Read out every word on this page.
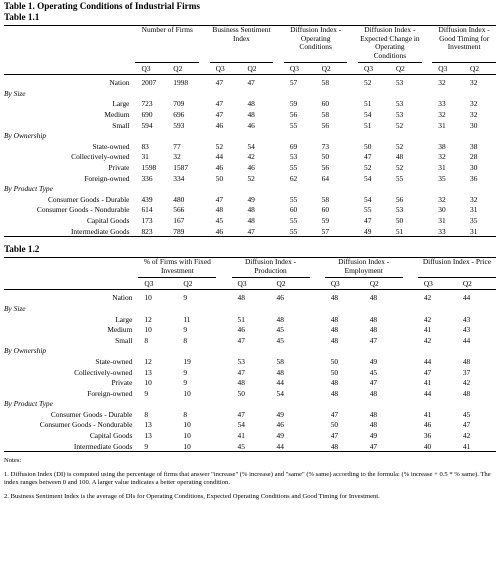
Table 1. Operating Conditions of Industrial Firms
Table 1.1
	Number of Firms			Business Sentiment Index			Diffusion Index - Operating Conditions			Diffusion Index - Expected Change in Operating Conditions			Diffusion Index - Good Timing for Investment	
	Q3	Q2		Q3	Q2		Q3	Q2		Q3	Q2		Q3	Q2

Nation	2007	1998		47	47		57	58		52	53		32	32
By Size														
Large	723	709		47	48		59	60		51	53		33	32
Medium	690	696		47	48		56	58		54	53		32	32
Small	594	593		46	46		55	56		51	52		31	30
By Ownership														
State-owned	83	77		52	54		69	73		50	52		38	38
Collectively-owned	31	32		44	42		53	50		47	48		32	28
Private	1598	1587		46	46		55	56		52	52		31	30
Foreign-owned	336	334		50	52		62	64		54	55		35	36
By Product Type														
Consumer Goods - Durable	439	480		47	49		55	58		54	56		32	32
Consumer Goods - Nondurable	614	566		48	48		60	60		55	53		30	31
Capital Goods	173	167		45	48		55	59		47	50		31	35
Intermediate Goods	823	789		46	47		55	57		49	51		33	31

Table 1.2
	% of Firms with Fixed Investment			Diffusion Index - Production			Diffusion Index - Employment			Diffusion Index - Price	
	Q3	Q2		Q3	Q2		Q3	Q2		Q3	Q2

Nation	10	9		48	46		48	48		42	44
By Size											
Large	12	11		51	48		48	48		42	43
Medium	10	9		46	45		48	48		41	43
Small	8	8		47	45		48	47		42	44
By Ownership											
State-owned	12	19		53	58		50	49		44	48
Collectively-owned	13	9		47	48		50	45		47	37
Private	10	9		48	44		48	47		41	42
Foreign-owned	9	10		50	54		48	48		44	48
By Product Type											
Consumer Goods - Durable	8	8		47	49		47	48		41	45
Consumer Goods - Nondurable	13	10		54	46		50	48		46	47
Capital Goods	13	10		41	49		47	49		36	42
Intermediate Goods	9	10		45	44		48	47		40	41

Notes:

1. Diffusion Index (DI) is computed using the percentage of firms that answer "increase" (% increase) and "same" (% same) according to the formula: (% increase + 0.5 * % same). The index ranges between 0 and 100. A larger value indicates a better operating condition.

2. Business Sentiment Index is the average of DIs for Operating Conditions, Expected Operating Conditions and Good Timing for Investment.
